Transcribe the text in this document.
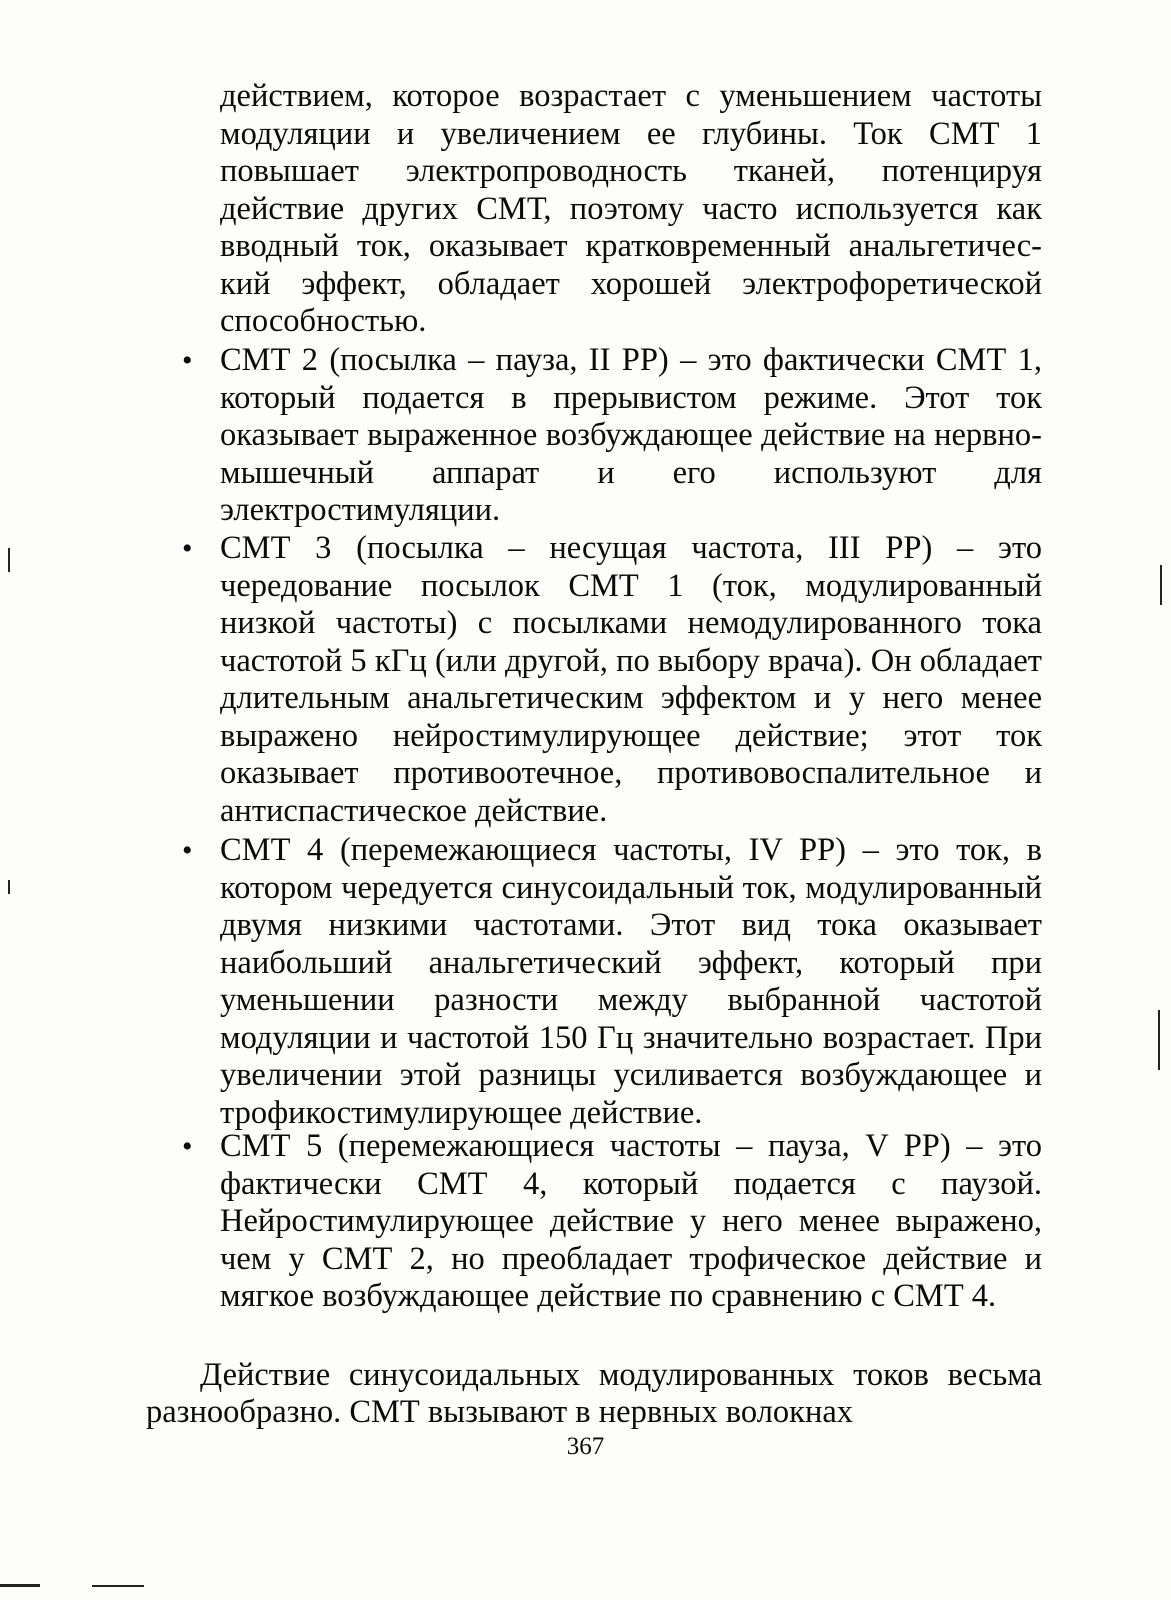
действием, которое возрастает с уменьшением частоты модуляции и увеличением ее глубины. Ток СМТ 1 повышает электропроводность тканей, потенцируя действие других СМТ, поэтому часто используется как вводный ток, оказывает кратковременный анальгетичес-кий эффект, обладает хорошей электрофоретической способностью.

• СМТ 2 (посылка – пауза, II РР) – это фактически СМТ 1, который подается в прерывистом режиме. Этот ток оказывает выраженное возбуждающее действие на нервно-мышечный аппарат и его используют для электростимуляции.
• СМТ 3 (посылка – несущая частота, III РР) – это чередование посылок СМТ 1 (ток, модулированный низкой частоты) с посылками немодулированного тока частотой 5 кГц (или другой, по выбору врача). Он обладает длительным анальгетическим эффектом и у него менее выражено нейростимулирующее действие; этот ток оказывает противоотечное, противовоспалительное и антиспастическое действие.
• СМТ 4 (перемежающиеся частоты, IV РР) – это ток, в котором чередуется синусоидальный ток, модулированный двумя низкими частотами. Этот вид тока оказывает наибольший анальгетический эффект, который при уменьшении разности между выбранной частотой модуляции и частотой 150 Гц значительно возрастает. При увеличении этой разницы усиливается возбуждающее и трофикостимулирующее действие.
• СМТ 5 (перемежающиеся частоты – пауза, V РР) – это фактически СМТ 4, который подается с паузой. Нейростимулирующее действие у него менее выражено, чем у СМТ 2, но преобладает трофическое действие и мягкое возбуждающее действие по сравнению с СМТ 4.

Действие синусоидальных модулированных токов весьма разнообразно. СМТ вызывают в нервных волокнах

367
